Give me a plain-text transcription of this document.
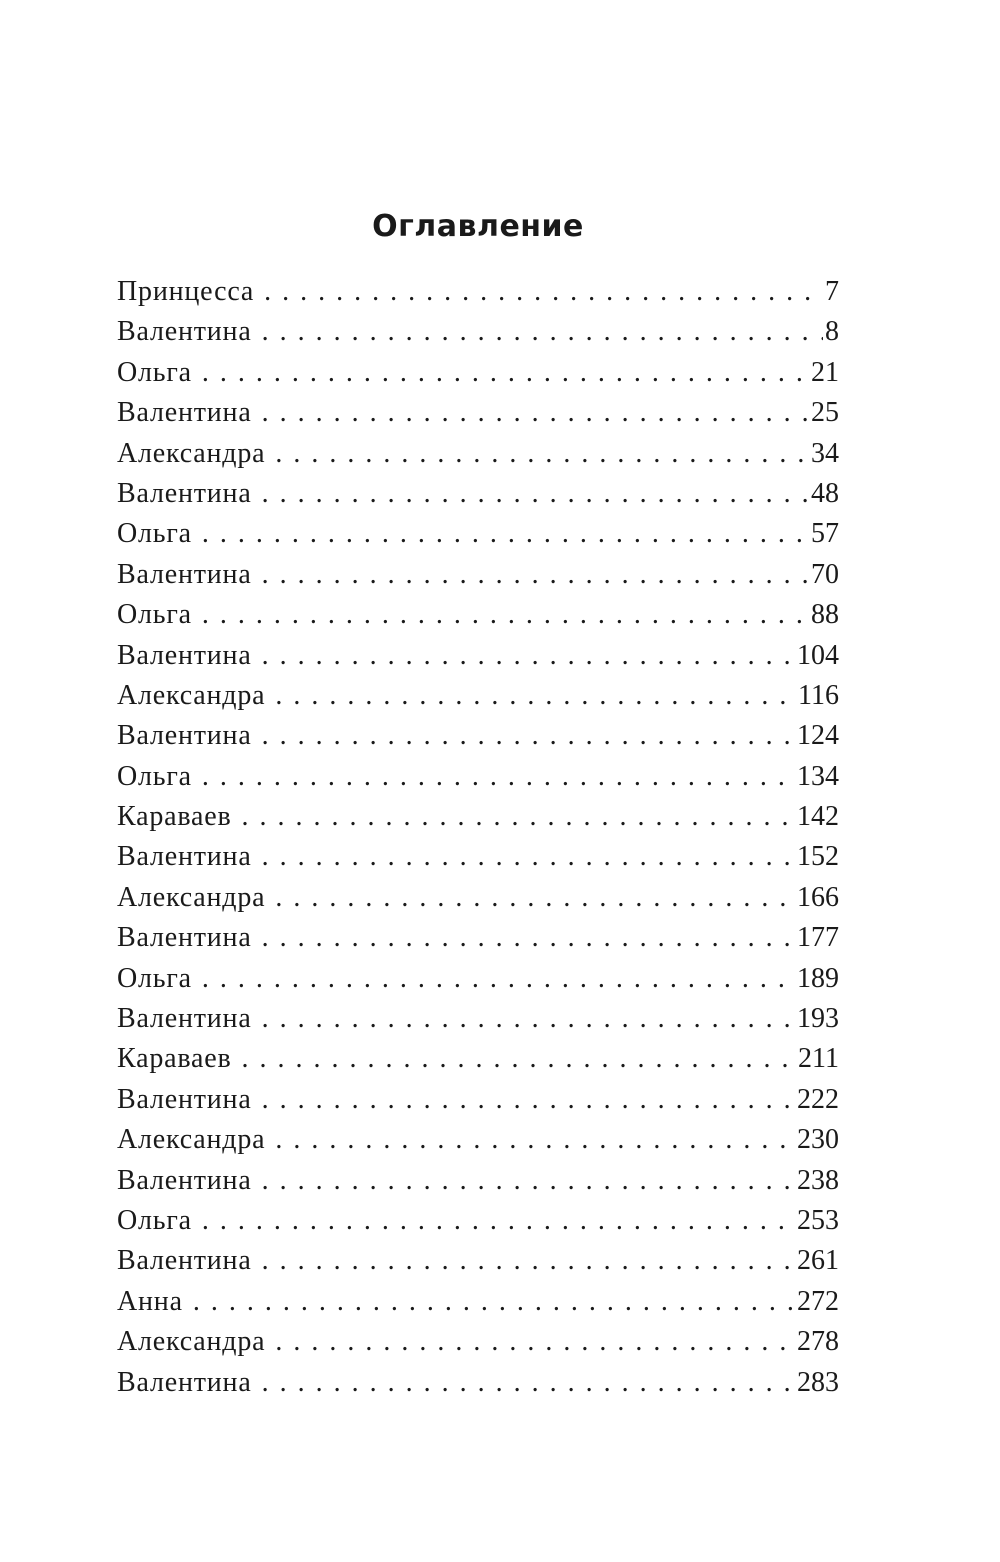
Оглавление
Принцесса . . .	7
Валентина . . .	8
Ольга . . .	21
Валентина . . .	25
Александра . . .	34
Валентина . . .	48
Ольга . . .	57
Валентина . . .	70
Ольга . . .	88
Валентина . . .	104
Александра . . .	116
Валентина . . .	124
Ольга . . .	134
Караваев . . .	142
Валентина . . .	152
Александра . . .	166
Валентина . . .	177
Ольга . . .	189
Валентина . . .	193
Караваев . . .	211
Валентина . . .	222
Александра . . .	230
Валентина . . .	238
Ольга . . .	253
Валентина . . .	261
Анна . . .	272
Александра . . .	278
Валентина . . .	283
